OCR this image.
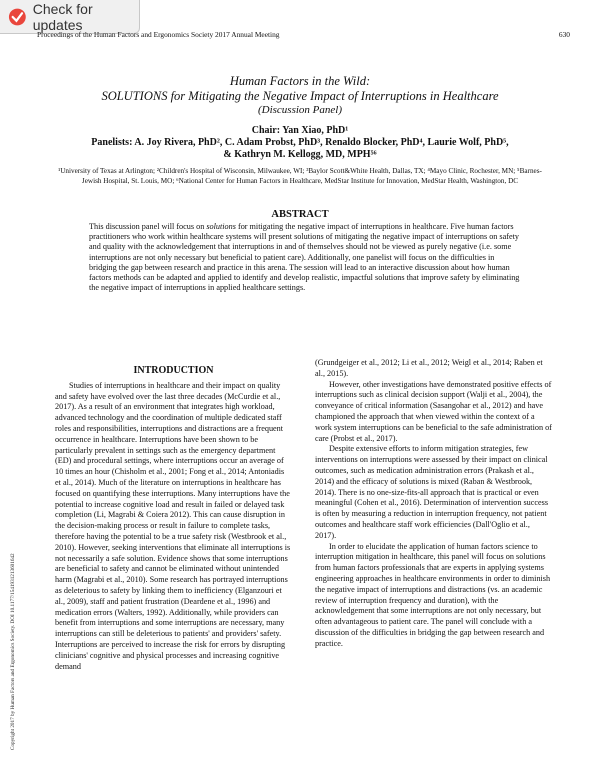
Check for updates
Proceedings of the Human Factors and Ergonomics Society 2017 Annual Meeting	630
Human Factors in the Wild:
SOLUTIONS for Mitigating the Negative Impact of Interruptions in Healthcare
(Discussion Panel)
Chair: Yan Xiao, PhD¹
Panelists: A. Joy Rivera, PhD², C. Adam Probst, PhD³, Renaldo Blocker, PhD⁴, Laurie Wolf, PhD⁵,
& Kathryn M. Kellogg, MD, MPH⁵⁶
¹University of Texas at Arlington; ²Children's Hospital of Wisconsin, Milwaukee, WI; ³Baylor Scott&White Health, Dallas, TX; ⁴Mayo Clinic, Rochester, MN; ⁵Barnes-Jewish Hospital, St. Louis, MO; ⁶National Center for Human Factors in Healthcare, MedStar Institute for Innovation, MedStar Health, Washington, DC
ABSTRACT
This discussion panel will focus on solutions for mitigating the negative impact of interruptions in healthcare. Five human factors practitioners who work within healthcare systems will present solutions of mitigating the negative impact of interruptions on safety and quality with the acknowledgement that interruptions in and of themselves should not be viewed as purely negative (i.e. some interruptions are not only necessary but beneficial to patient care). Additionally, one panelist will focus on the difficulties in bridging the gap between research and practice in this arena. The session will lead to an interactive discussion about how human factors methods can be adapted and applied to identify and develop realistic, impactful solutions that improve safety by eliminating the negative impact of interruptions in applied healthcare settings.
INTRODUCTION

Studies of interruptions in healthcare and their impact on quality and safety have evolved over the last three decades (McCurdie et al., 2017). As a result of an environment that integrates high workload, advanced technology and the coordination of multiple dedicated staff roles and responsibilities, interruptions and distractions are a frequent occurrence in healthcare. Interruptions have been shown to be particularly prevalent in settings such as the emergency department (ED) and procedural settings, where interruptions occur an average of 10 times an hour (Chisholm et al., 2001; Fong et al., 2014; Antoniadis et al., 2014). Much of the literature on interruptions in healthcare has focused on quantifying these interruptions. Many interruptions have the potential to increase cognitive load and result in failed or delayed task completion (Li, Magrabi & Coiera 2012). This can cause disruption in the decision-making process or result in failure to complete tasks, therefore having the potential to be a true safety risk (Westbrook et al., 2010). However, seeking interventions that eliminate all interruptions is not necessarily a safe solution. Evidence shows that some interruptions are beneficial to safety and cannot be eliminated without unintended harm (Magrabi et al., 2010). Some research has portrayed interruptions as deleterious to safety by linking them to inefficiency (Elganzouri et al., 2009), staff and patient frustration (Deardene et al., 1996) and medication errors (Walters, 1992). Additionally, while providers can benefit from interruptions and some interruptions are necessary, many interruptions can still be deleterious to patients' and providers' safety. Interruptions are perceived to increase the risk for errors by disrupting clinicians' cognitive and physical processes and increasing cognitive demand

(Grundgeiger et al., 2012; Li et al., 2012; Weigl et al., 2014; Raben et al., 2015).

However, other investigations have demonstrated positive effects of interruptions such as clinical decision support (Walji et al., 2004), the conveyance of critical information (Sasangohar et al., 2012) and have championed the approach that when viewed within the context of a work system interruptions can be beneficial to the safe administration of care (Probst et al., 2017).

Despite extensive efforts to inform mitigation strategies, few interventions on interruptions were assessed by their impact on clinical outcomes, such as medication administration errors (Prakash et al., 2014) and the efficacy of solutions is mixed (Raban & Westbrook, 2014). There is no one-size-fits-all approach that is practical or even meaningful (Cohen et al., 2016). Determination of intervention success is often by measuring a reduction in interruption frequency, not patient outcomes and healthcare staff work efficiencies (Dall'Oglio et al., 2017).

In order to elucidate the application of human factors science to interruption mitigation in healthcare, this panel will focus on solutions from human factors professionals that are experts in applying systems engineering approaches in healthcare environments in order to diminish the negative impact of interruptions and distractions (vs. an academic review of interruption frequency and duration), with the acknowledgement that some interruptions are not only necessary, but often advantageous to patient care. The panel will conclude with a discussion of the difficulties in bridging the gap between research and practice.

Copyright 2017 by Human Factors and Ergonomics Society. DOI 10.1177/1541931213601642
